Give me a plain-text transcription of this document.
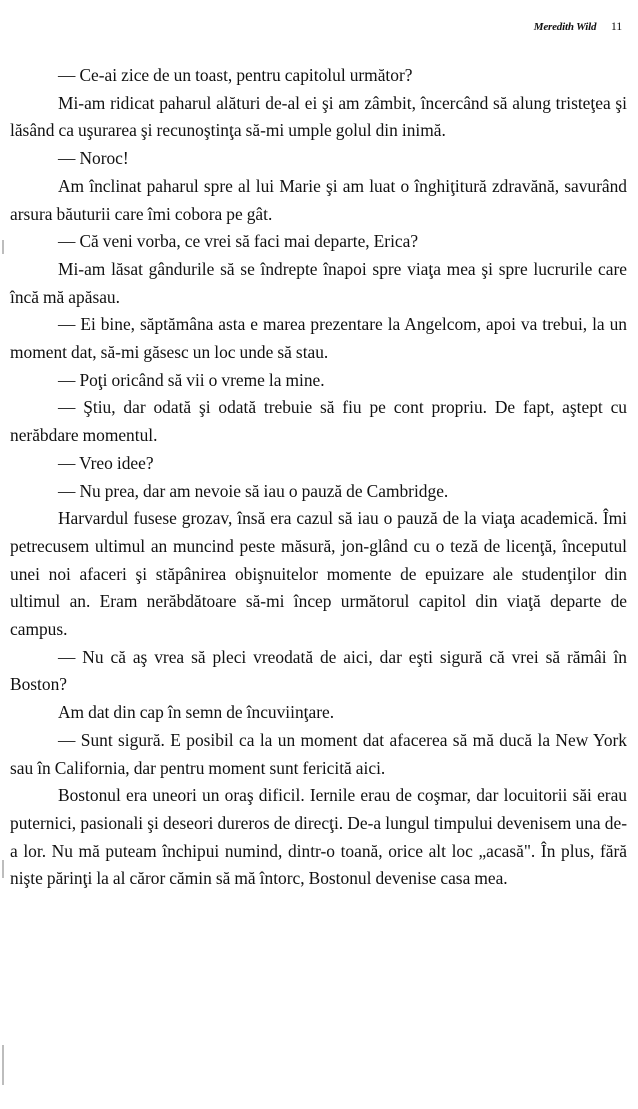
Meredith Wild 11

— Ce-ai zice de un toast, pentru capitolul următor?

Mi-am ridicat paharul alături de-al ei şi am zâmbit, încercând să alung tristeţea şi lăsând ca uşurarea şi recunoştinţa să-mi umple golul din inimă.

— Noroc!

Am înclinat paharul spre al lui Marie şi am luat o înghiţitură zdravănă, savurând arsura băuturii care îmi cobora pe gât.

— Că veni vorba, ce vrei să faci mai departe, Erica?

Mi-am lăsat gândurile să se îndrepte înapoi spre viaţa mea şi spre lucrurile care încă mă apăsau.

— Ei bine, săptămâna asta e marea prezentare la Angelcom, apoi va trebui, la un moment dat, să-mi găsesc un loc unde să stau.

— Poţi oricând să vii o vreme la mine.

— Ştiu, dar odată şi odată trebuie să fiu pe cont propriu. De fapt, aştept cu nerăbdare momentul.

— Vreo idee?

— Nu prea, dar am nevoie să iau o pauză de Cambridge.

Harvardul fusese grozav, însă era cazul să iau o pauză de la viaţa academică. Îmi petrecusem ultimul an muncind peste măsură, jon-glând cu o teză de licenţă, începutul unei noi afaceri şi stăpânirea obişnuitelor momente de epuizare ale studenţilor din ultimul an. Eram nerăbdătoare să-mi încep următorul capitol din viaţă departe de campus.

— Nu că aş vrea să pleci vreodată de aici, dar eşti sigură că vrei să rămâi în Boston?

Am dat din cap în semn de încuviinţare.

— Sunt sigură. E posibil ca la un moment dat afacerea să mă ducă la New York sau în California, dar pentru moment sunt fericită aici.

Bostonul era uneori un oraş dificil. Iernile erau de coşmar, dar locuitorii săi erau puternici, pasionali şi deseori dureros de direcţi. De-a lungul timpului devenisem una de-a lor. Nu mă puteam închipui numind, dintr-o toană, orice alt loc „acasă". În plus, fără nişte părinţi la al căror cămin să mă întorc, Bostonul devenise casa mea.
